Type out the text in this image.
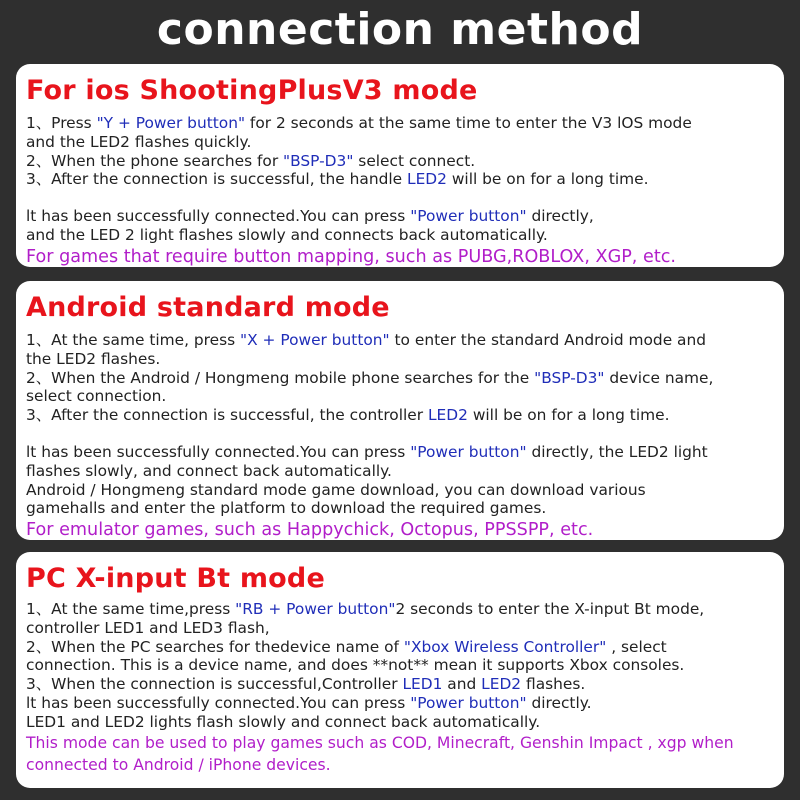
connection method
For ios ShootingPlusV3 mode
1、Press "Y + Power button" for 2 seconds at the same time to enter the V3 lOS mode
and the LED2 flashes quickly.
2、When the phone searches for "BSP-D3" select connect.
3、After the connection is successful, the handle LED2 will be on for a long time.
lt has been successfully connected.You can press "Power button" directly,
and the LED 2 light flashes slowly and connects back automatically.
For games that require button mapping, such as PUBG,ROBLOX, XGP, etc.
Android standard mode
1、At the same time, press "X + Power button" to enter the standard Android mode and
the LED2 flashes.
2、When the Android / Hongmeng mobile phone searches for the "BSP-D3" device name,
select connection.
3、After the connection is successful, the controller LED2 will be on for a long time.
lt has been successfully connected.You can press "Power button" directly, the LED2 light
flashes slowly, and connect back automatically.
Android / Hongmeng standard mode game download, you can download various
gamehalls and enter the platform to download the required games.
For emulator games, such as Happychick, Octopus, PPSSPP, etc.
PC X-input Bt mode
1、At the same time,press "RB + Power button"2 seconds to enter the X-input Bt mode,
controller LED1 and LED3 flash,
2、When the PC searches for thedevice name of "Xbox Wireless Controller" , select
connection. This is a device name, and does **not** mean it supports Xbox consoles.
3、When the connection is successful,Controller LED1 and LED2 flashes.
lt has been successfully connected.You can press "Power button" directly.
LED1 and LED2 lights flash slowly and connect back automatically.
This mode can be used to play games such as COD, Minecraft, Genshin Impact , xgp when
connected to Android / iPhone devices.
